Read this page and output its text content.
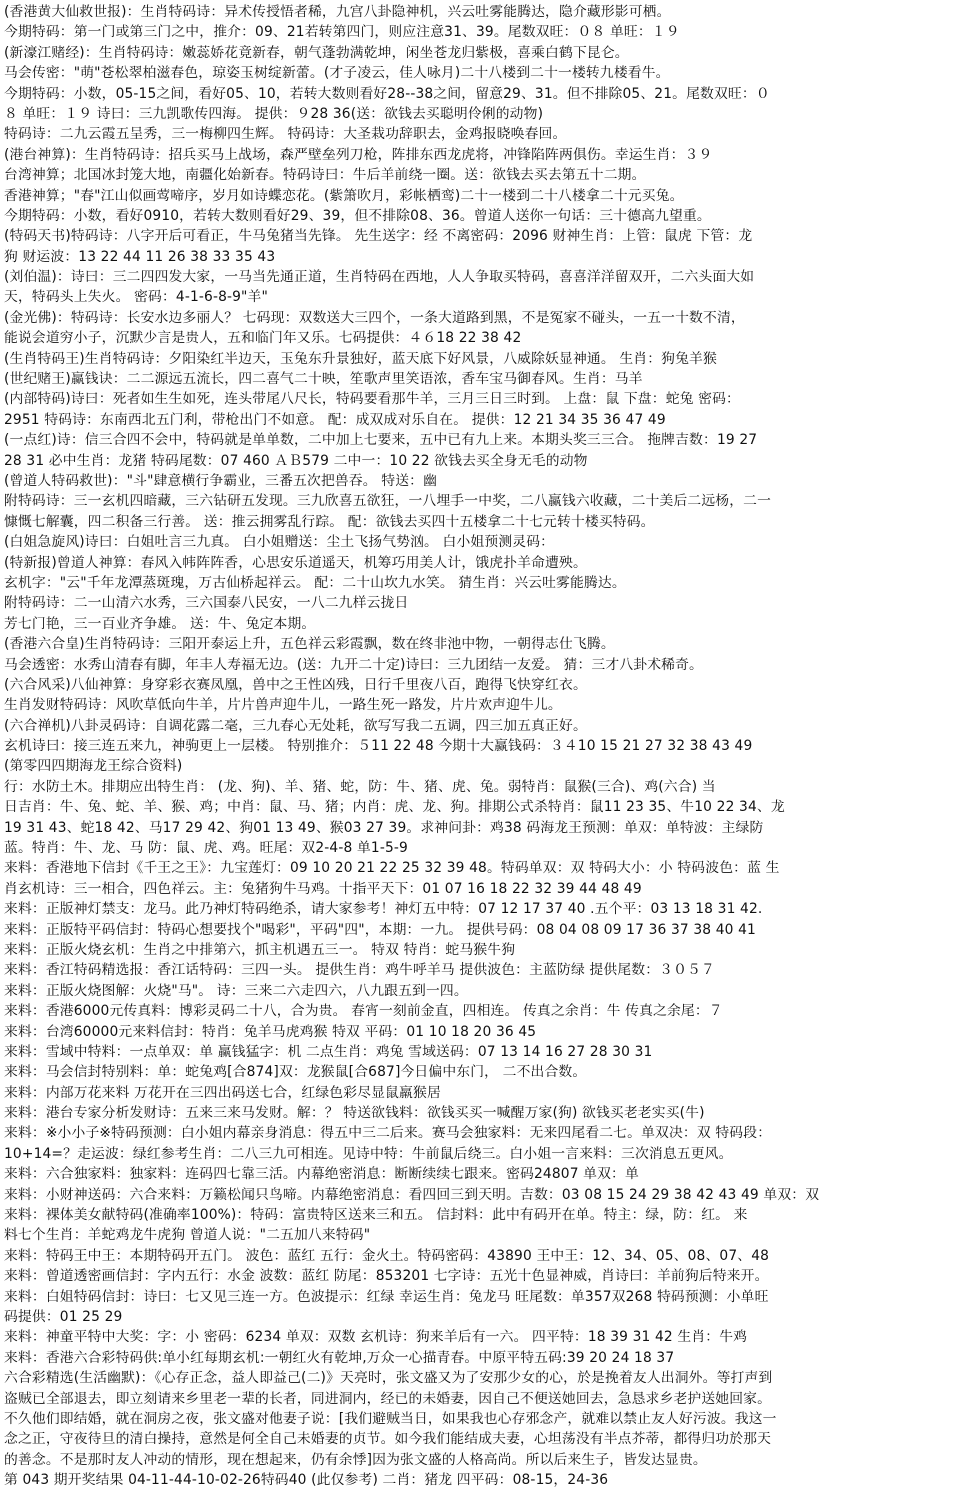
(香港黄大仙救世报)：生肖特码诗：异术传授悟者稀，九宫八卦隐神机，兴云吐雾能腾达，隐介藏形影可栖。
今期特码：第一门或第三门之中，推介：09、21若转第四门，则应注意31、39。尾数双旺：０８ 单旺：１９
(新濠江赌经)：生肖特码诗：嫩蕊娇花竟新春，朝气蓬勃满乾坤，闲坐苍龙归紫极，喜乘白鹤下昆仑。
马会传密："萌"苍松翠柏滋春色，琼姿玉树绽新蕾。(才子凌云，佳人咏月)二十八楼到二十一楼转九楼看牛。
今期特码：小数，05-15之间，看好05、10，若转大数则看好28--38之间，留意29、31。但不排除05、21。尾数双旺：０
８ 单旺：１９ 诗曰：三九凯歌传四海。 提供：９28 36(送：欲钱去买聪明伶俐的动物)
特码诗：二九云霞五呈秀，三一梅柳四生辉。 特码诗：大圣栽功辞职去，金鸡报晓唤春回。
(港台神算)：生肖特码诗：招兵买马上战场，森严壁垒列刀枪，阵排东西龙虎将，冲锋陷阵两俱伤。幸运生肖：３９
台湾神算；北国冰封笼大地，南疆化始新春。特码诗曰：牛后羊前绕一圈。送：欲钱去买去第五十二期。
香港神算；"春"江山似画莺啼序，岁月如诗蝶恋花。(紫箫吹月，彩帐栖鸾)二十一楼到二十八楼拿二十元买兔。
今期特码：小数，看好0910，若转大数则看好29、39，但不排除08、36。曾道人送你一句话：三十德高九望重。
(特码天书)特码诗：八字开后可看正，牛马兔猪当先锋。 先生送字：经 不离密码：2096 财神生肖：上管：鼠虎 下管：龙
狗 财运波：13 22 44 11 26 38 33 35 43
(刘伯温)：诗曰：三二四四发大家，一马当先通正道，生肖特码在西地，人人争取买特码，喜喜洋洋留双开，二六头面大如
天，特码头上失火。 密码：4-1-6-8-9"羊"
(金光佛)：特码诗：长安水边多丽人？ 七码现：双数送大三四个，一条大道路到黑，不是冤家不碰头，一五一十数不清，
能说会道穷小子，沉默少言是贵人，五和临门年又乐。七码提供：４６18 22 38 42
(生肖特码王)生肖特码诗：夕阳染红半边天，玉兔东升景独好，蓝天底下好风景，八威除妖显神通。 生肖：狗兔羊猴
(世纪赌王)赢钱诀：二二源远五流长，四二喜气二十映，笙歌声里笑语浓，香车宝马御春风。生肖：马羊
(内部特码)诗曰：死者如生生如死，连头带尾八尺长，特码要看那牛羊，三月三日三时到。 上盘：鼠 下盘：蛇兔 密码：
2951 特码诗：东南西北五门利，带枪出门不如意。 配：成双成对乐自在。 提供：12 21 34 35 36 47 49
(一点红)诗：信三合四不会中，特码就是单单数，二中加上七要来，五中已有九上来。本期头奖三三合。 拖牌吉数：19 27
28 31 必中生肖：龙猪 特码尾数：07 460 ＡＢ579 二中一：10 22 欲钱去买全身无毛的动物
(曾道人特码救世)："斗"肆意横行争霸业，三番五次把兽吞。 特送：幽
附特码诗：三一玄机四暗藏，三六钻研五发现。三九欣喜五欲狂，一八埋手一中奖，二八赢钱六收藏，二十美后二远杨，二一
慷慨七解囊，四二积备三行善。 送：推云拥雾乱行踪。 配：欲钱去买四十五楼拿二十七元转十楼买特码。
(白姐急旋风)诗曰：白姐吐言三九真。 白小姐赠送：尘土飞扬气势汹。 白小姐预测灵码：
(特新报)曾道人神算：春风入帏阵阵香，心思安乐道遥天，机筹巧用美人计，饿虎扑羊命遭殃。
玄机字："云"千年龙潭蒸斑瑰，万古仙桥起祥云。 配：二十山坎九水笑。 猜生肖：兴云吐雾能腾达。
附特码诗：二一山清六水秀，三六国泰八民安，一八二九样云拢日
芳七门艳，三一百业齐争雄。 送：牛、兔定本期。
(香港六合皇)生肖特码诗：三阳开泰运上升，五色祥云彩霞飘，数在终非池中物，一朝得志仕飞腾。
马会透密：水秀山清春有脚，年丰人寿福无边。(送：九开二十定)诗曰：三九团结一友爱。 猜：三才八卦术稀奇。
(六合风采)八仙神算：身穿彩衣赛凤凰，兽中之王性凶残，日行千里夜八百，跑得飞快穿红衣。
生肖发财特码诗：风吹草低向牛羊，片片兽声迎牛儿，一路生死一路发，片片欢声迎牛儿。
(六合禅机)八卦灵码诗：自调花露二毫，三九春心无处耗，欲写写我二五调，四三加五真正好。
玄机诗曰：接三连五来九，神驹更上一层楼。 特别推介：５11 22 48 今期十大赢钱码：３４10 15 21 27 32 38 43 49
(第零四四期海龙王综合资料)
行：水防土木。排期应出特生肖： (龙、狗)、羊、猪、蛇，防：牛、猪、虎、兔。弱特肖：鼠猴(三合)、鸡(六合) 当
日吉肖：牛、兔、蛇、羊、猴、鸡；中肖：鼠、马、猪；内肖：虎、龙、狗。排期公式杀特肖：鼠11 23 35、牛10 22 34、龙
19 31 43、蛇18 42、马17 29 42、狗01 13 49、猴03 27 39。求神问卦：鸡38 码海龙王预测：单双：单特波：主绿防
蓝。特肖：牛、龙、马 防：鼠、虎、鸡。旺尾：双2-4-8 单1-5-9
来料：香港地下信封《千王之王》：九宝莲灯：09 10 20 21 22 25 32 39 48。特码单双：双 特码大小：小 特码波色：蓝 生
肖玄机诗：三一相合，四色祥云。主：兔猪狗牛马鸡。十指平天下：01 07 16 18 22 32 39 44 48 49
来料：正版神灯禁支：龙马。此乃神灯特码绝杀，请大家参考！神灯五中特：07 12 17 37 40 .五个平：03 13 18 31 42.
来料：正版特平码信封：特码心想要找个"喝彩"，平码"四"，本期：一九。 提供号码：08 04 08 09 17 36 37 38 40 41
来料：正版火烧玄机：生肖之中排第六，抓主机遇五三一。 特双 特肖：蛇马猴牛狗
来料：香江特码精选报：香江话特码：三四一头。 提供生肖：鸡牛呼羊马 提供波色：主蓝防绿 提供尾数：３０５７
来料：正版火烧图解：火烧"马"。 诗：三来二六走四六，八九跟五到一四。
来料：香港6000元传真料：博彩灵码二十八，合为贵。 春宵一刻前金直，四相连。 传真之余肖：牛 传真之余尾：７
来料：台湾60000元来料信封：特肖：兔羊马虎鸡猴 特双 平码：01 10 18 20 36 45
来料：雪域中特料：一点单双：单 赢钱猛字：机 二点生肖：鸡兔 雪域送码：07 13 14 16 27 28 30 31
来料：马会信封特别料：单：蛇兔鸡[合874]双：龙猴鼠[合687]今日偏中东门， 二不出合数。
来料：内部万花来料 万花开在三四出码送七合，红绿色彩尽显鼠羸猴居
来料：港台专家分析发财诗：五来三来马发财。解：？ 特送欲钱料：欲钱买买一喊醒万家(狗) 欲钱买老老实买(牛)
来料：※小小子※特码预测：白小姐内幕亲身消息：得五中三二后来。赛马会独家料：无来四尾看二七。单双决：双 特码段：
10+14=？走运波：绿红参考生肖：二八三九可相连。见诗中特：牛前鼠后绕三。白小姐一言来料：三次消息五更风。
来料：六合独家料：独家料：连码四七靠三活。内幕绝密消息：断断续续七跟来。密码24807 单双：单
来料：小财神送码：六合来料：万籁松闻只鸟啼。内幕绝密消息：看四回三到天明。吉数：03 08 15 24 29 38 42 43 49 单双：双
来料：裸体美女献特码(准确率100%)：特码：富贵特区送来三和五。 信封料：此中有码开在单。特主：绿，防：红。 来
料七个生肖：羊蛇鸡龙牛虎狗 曾道人说："二五加八来特码"
来料：特码王中王：本期特码开五门。 波色：蓝红 五行：金火土。特码密码：43890 王中王：12、34、05、08、07、48
来料：曾道透密画信封：字内五行：水金 波数：蓝红 防尾：853201 七字诗：五光十色显神威，肖诗曰：羊前狗后特来开。
来料：白姐特码信封：诗曰：七又见三连一方。色波提示：红绿 幸运生肖：兔龙马 旺尾数：单357双268 特码预测：小单旺
码提供：01 25 29
来料：神童平特中大奖：字：小 密码：6234 单双：双数 玄机诗：狗来羊后有一六。 四平特：18 39 31 42 生肖：牛鸡
来料：香港六合彩特码供:单小红每期玄机:一朝红火有乾坤,万众一心描青春。中原平特五码:39 20 24 18 37
六合彩精选(生活幽默)：《心存正念，益人即益己(二)》天亮时，张文盛又为了安那少女的心，於是挽着友人出洞外。等打声到
盗贼已全部退去，即立刻请来乡里老一辈的长者，同进洞内，经已的未婚妻，因自己不便送她回去，急恳求乡老护送她回家。
不久他们即结婚，就在洞房之夜，张文盛对他妻子说：[我们避贼当日，如果我也心存邪念产，就难以禁止友人好污波。我这一
念之正，守夜待旦的清白操持，意然是何全自己未婚妻的贞节。如今我们能结成夫妻，心坦荡没有半点芥蒂，都得归功於那天
的善念。不是那时友人冲动的情形，现在想起来，仍有余悸]因为张文盛的人格高尚。所以后来生子，皆发达显贵。
第 043 期开奖结果 04-11-44-10-02-26特码40 (此仅参考) 二肖：猪龙 四平码：08-15，24-36
